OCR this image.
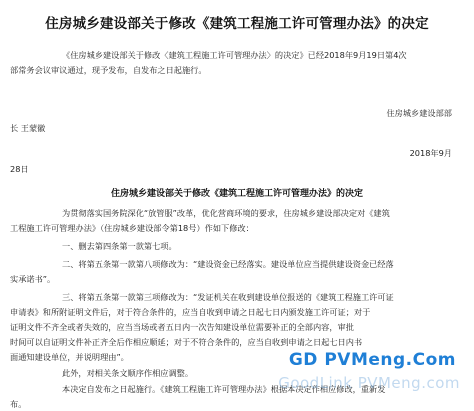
住房城乡建设部关于修改《建筑工程施工许可管理办法》的决定
《住房城乡建设部关于修改〈建筑工程施工许可管理办法〉的决定》已经2018年9月19日第4次
部常务会议审议通过，现予发布，自发布之日起施行。
住房城乡建设部部
长 王蒙徽
2018年9月
28日
住房城乡建设部关于修改《建筑工程施工许可管理办法》的决定
为贯彻落实国务院深化“放管服”改革，优化营商环境的要求，住房城乡建设部决定对《建筑
工程施工许可管理办法》（住房城乡建设部令第18号）作如下修改：
一、删去第四条第一款第七项。
二、将第五条第一款第八项修改为：“建设资金已经落实。建设单位应当提供建设资金已经落
实承诺书”。
三、将第五条第一款第三项修改为：“发证机关在收到建设单位报送的《建筑工程施工许可证
申请表》和所附证明文件后，对于符合条件的，应当自收到申请之日起七日内颁发施工许可证；对于
证明文件不齐全或者失效的，应当当场或者五日内一次告知建设单位需要补正的全部内容，审批
时间可以自证明文件补正齐全后作相应顺延；对于不符合条件的，应当自收到申请之日起七日内书
面通知建设单位，并说明理由”。
此外，对相关条文顺序作相应调整。
本决定自发布之日起施行。《建筑工程施工许可管理办法》根据本决定作相应修改，重新发
布。
GD PVMeng.Com
GoodLink PVMeng.com
